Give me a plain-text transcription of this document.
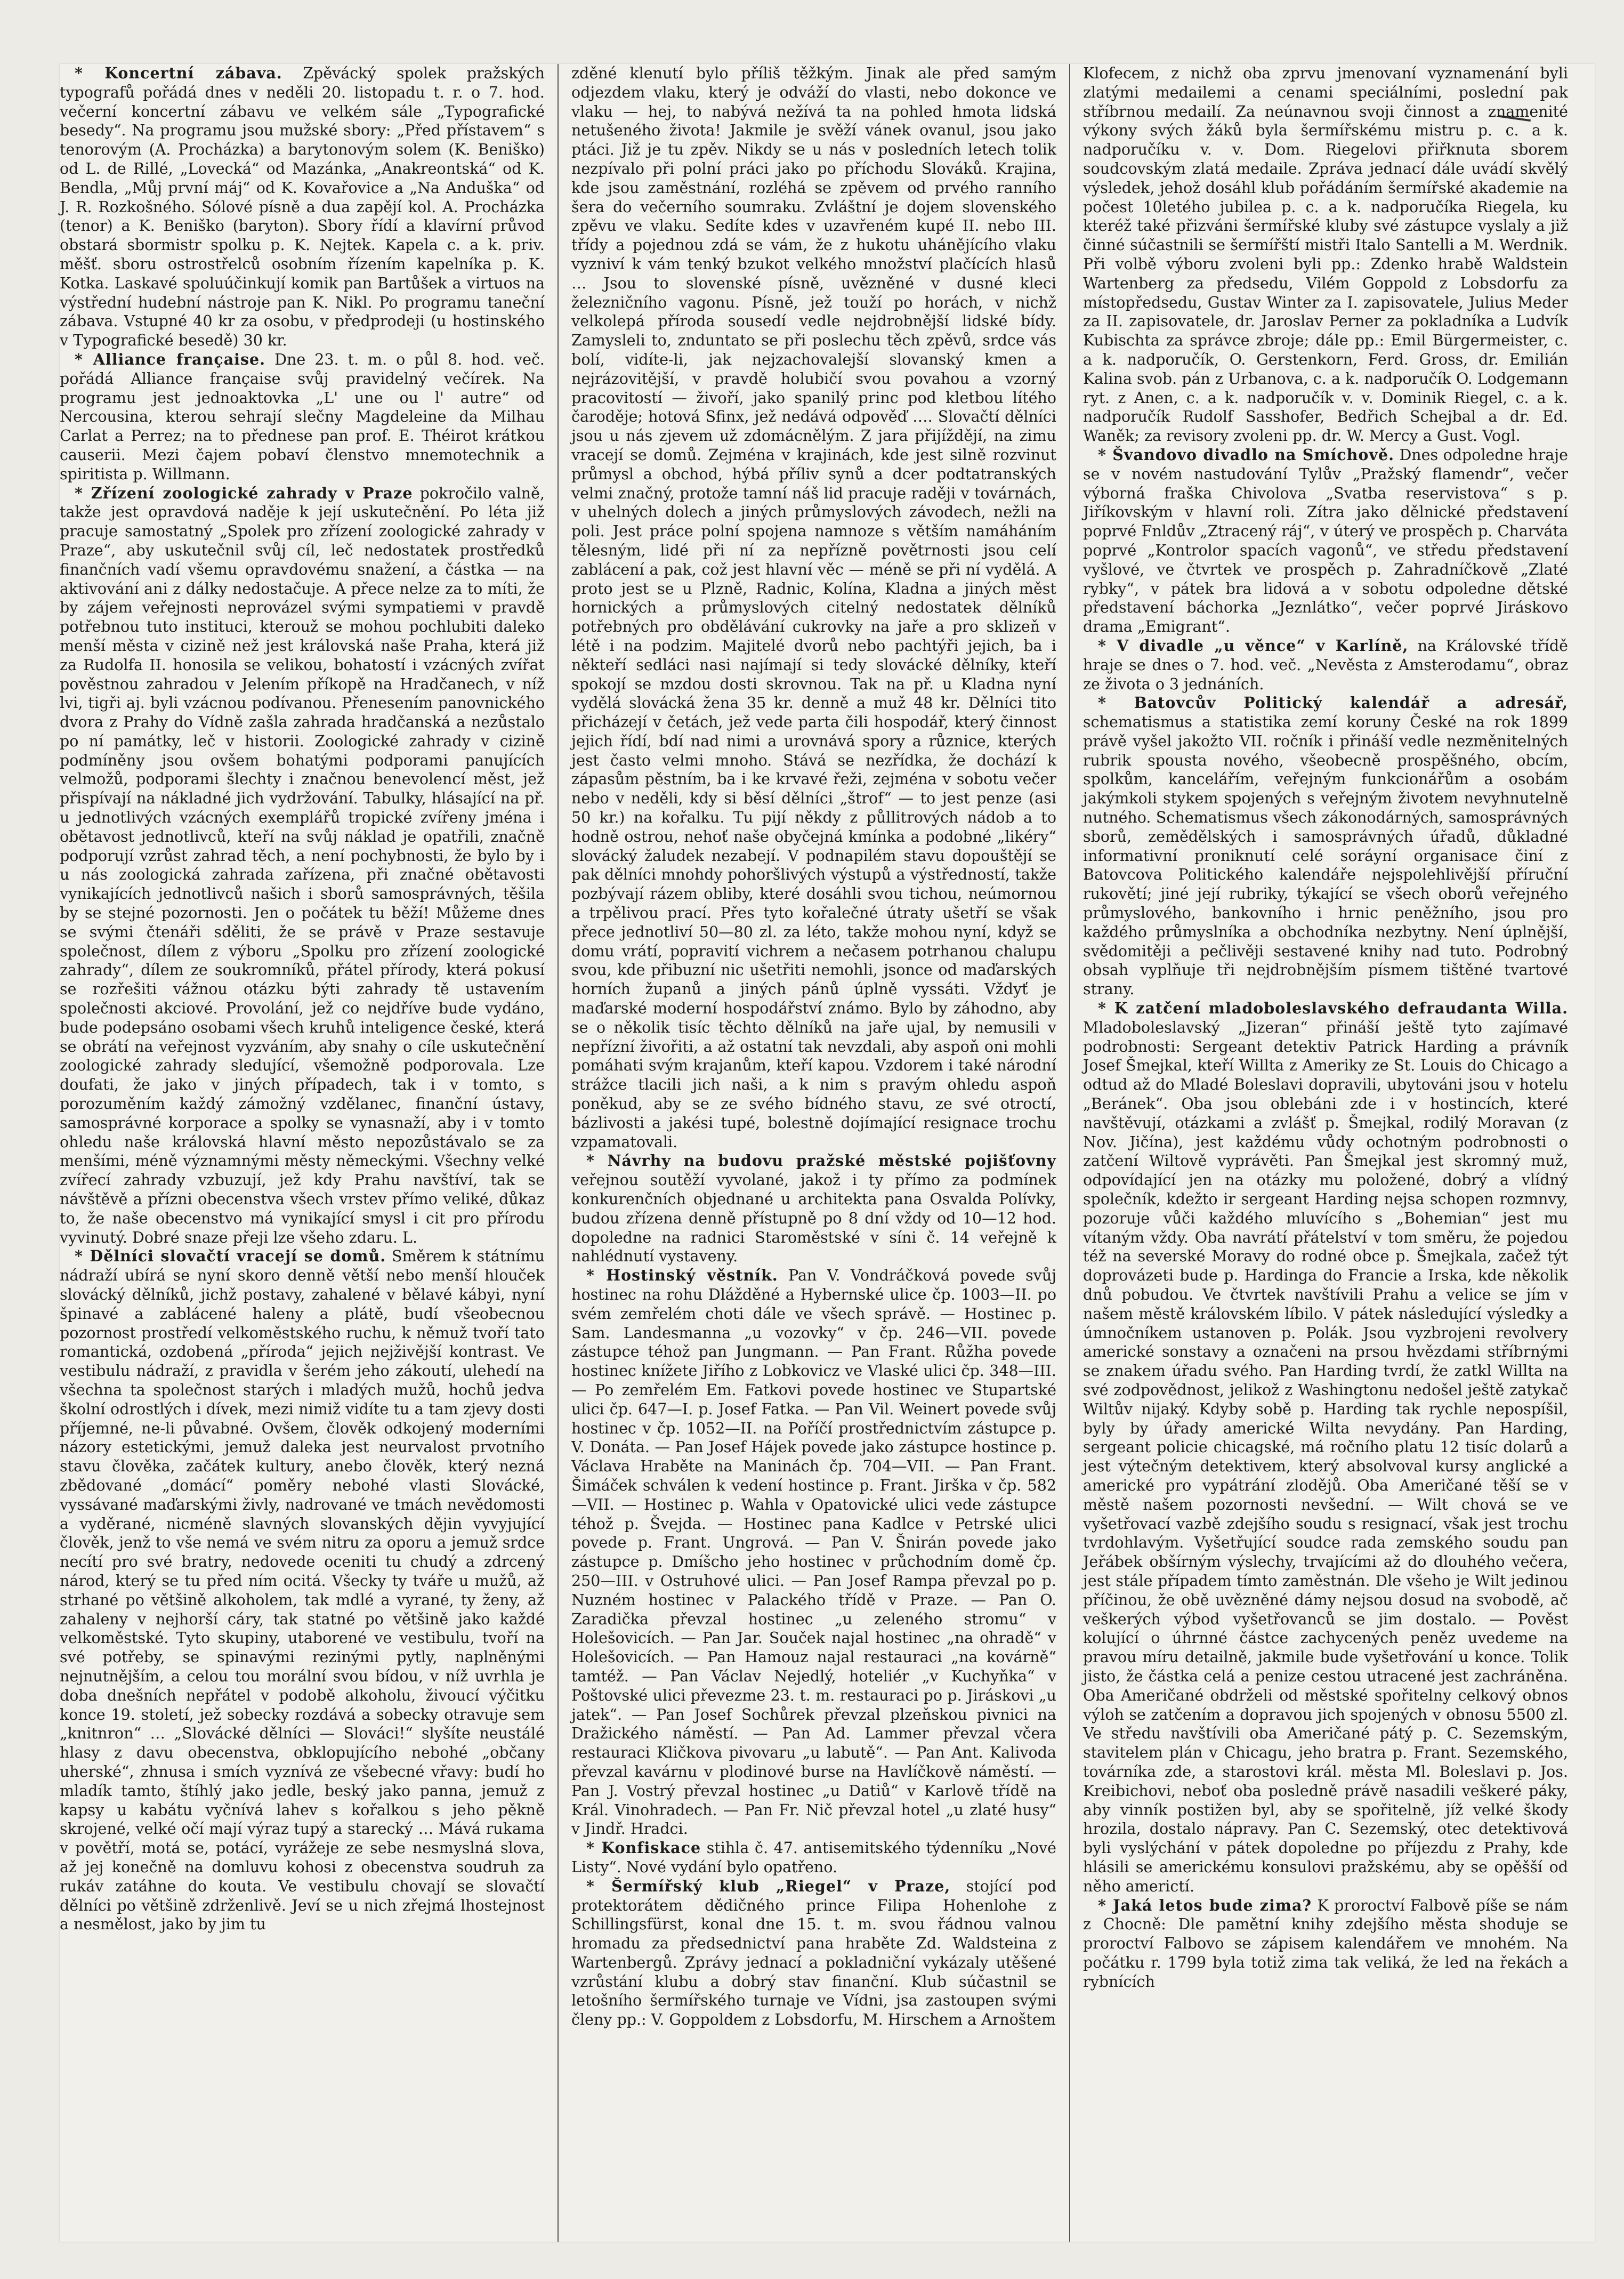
* Koncertní zábava. Zpěvácký spolek pražských typografů pořádá dnes v neděli 20. listopadu t. r. o 7. hod. večerní koncertní zábavu ve velkém sále „Typografické besedy“. Na programu jsou mužské sbory: „Před přístavem“ s tenorovým (A. Procházka) a barytonovým solem (K. Beniško) od L. de Rillé, „Lovecká“ od Mazánka, „Anakreontská“ od K. Bendla, „Můj první máj“ od K. Kovařovice a „Na Anduška“ od J. R. Rozkošného. Sólové písně a dua zapějí kol. A. Procházka (tenor) a K. Beniško (baryton). Sbory řídí a klavírní průvod obstará sbormistr spolku p. K. Nejtek. Kapela c. a k. priv. měšť. sboru ostrostřelců osobním řízením kapelníka p. K. Kotka. Laskavé spoluúčinkují komik pan Bartůšek a virtuos na výstřední hudební nástroje pan K. Nikl. Po programu taneční zábava. Vstupné 40 kr za osobu, v předprodeji (u hostinského v Typografické besedě) 30 kr.

* Alliance française. Dne 23. t. m. o půl 8. hod. več. pořádá Alliance française svůj pravidelný večírek. Na programu jest jednoaktovka „L' une ou l' autre“ od Nercousina, kterou sehrají slečny Magdeleine da Milhau Carlat a Perrez; na to přednese pan prof. E. Théirot krátkou causerii. Mezi čajem pobaví členstvo mnemotechnik a spiritista p. Willmann.

* Zřízení zoologické zahrady v Praze pokročilo valně, takže jest opravdová naděje k její uskutečnění. Po léta již pracuje samostatný „Spolek pro zřízení zoologické zahrady v Praze“, aby uskutečnil svůj cíl, leč nedostatek prostředků finančních vadí všemu opravdovému snažení, a částka — na aktivování ani z dálky nedostačuje. A přece nelze za to míti, že by zájem veřejnosti neprovázel svými sympatiemi v pravdě potřebnou tuto instituci, kterouž se mohou pochlubiti daleko menší města v cizině než jest královská naše Praha, která již za Rudolfa II. honosila se velikou, bohatostí i vzácných zvířat pověstnou zahradou v Jelením příkopě na Hradčanech, v níž lvi, tigři aj. byli vzácnou podívanou. Přenesením panovnického dvora z Prahy do Vídně zašla zahrada hradčanská a nezůstalo po ní památky, leč v historii. Zoologické zahrady v cizině podmíněny jsou ovšem bohatými podporami panujících velmožů, podporami šlechty i značnou benevolencí měst, jež přispívají na nákladné jich vydržování. Tabulky, hlásající na př. u jednotlivých vzácných exemplářů tropické zvířeny jména i obětavost jednotlivců, kteří na svůj náklad je opatřili, značně podporují vzrůst zahrad těch, a není pochybnosti, že bylo by i u nás zoologická zahrada zařízena, při značné obětavosti vynikajících jednotlivců našich i sborů samosprávných, těšila by se stejné pozornosti. Jen o počátek tu běží! Můžeme dnes se svými čtenáři sděliti, že se právě v Praze sestavuje společnost, dílem z výboru „Spolku pro zřízení zoologické zahrady“, dílem ze soukromníků, přátel přírody, která pokusí se rozřešiti vážnou otázku býti zahrady tě ustavením společnosti akciové. Provolání, jež co nejdříve bude vydáno, bude podepsáno osobami všech kruhů inteligence české, která se obrátí na veřejnost vyzváním, aby snahy o cíle uskutečnění zoologické zahrady sledující, všemožně podporovala. Lze doufati, že jako v jiných případech, tak i v tomto, s porozuměním každý zámožný vzdělanec, finanční ústavy, samosprávné korporace a spolky se vynasnaží, aby i v tomto ohledu naše královská hlavní město nepozůstávalo se za menšími, méně významnými městy německými. Všechny velké zvířecí zahrady vzbuzují, jež kdy Prahu navštíví, tak se návštěvě a přízni obecenstva všech vrstev přímo veliké, důkaz to, že naše obecenstvo má vynikající smysl i cit pro přírodu vyvinutý. Dobré snaze přeji lze všeho zdaru. L.

* Dělníci slovačtí vracejí se domů. Směrem k státnímu nádraží ubírá se nyní skoro denně větší nebo menší hlouček slovácký dělníků, jichž postavy, zahalené v bělavé kábyi, nyní špinavé a zablácené haleny a plátě, budí všeobecnou pozornost prostředí velkoměstského ruchu, k němuž tvoří tato romantická, ozdobená „příroda“ jejich nejživější kontrast. Ve vestibulu nádraží, z pravidla v šerém jeho zákoutí, ulehedí na všechna ta společnost starých i mladých mužů, hochů jedva školní odrostlých i dívek, mezi nimiž vidíte tu a tam zjevy dosti příjemné, ne-li půvabné. Ovšem, člověk odkojený moderními názory estetickými, jemuž daleka jest neurvalost prvotního stavu člověka, začátek kultury, anebo člověk, který nezná zbědované „domácí“ poměry nebohé vlasti Slovácké, vyssávané maďarskými živly, nadrované ve tmách nevědomosti a vyděrané, nicméně slavných slovanských dějin vyvyjující člověk, jenž to vše nemá ve svém nitru za oporu a jemuž srdce necítí pro své bratry, nedovede oceniti tu chudý a zdrcený národ, který se tu před ním ocitá. Všecky ty tváře u mužů, až strhané po většině alkoholem, tak mdlé a vyrané, ty ženy, až zahaleny v nejhorší cáry, tak statné po většině jako každé velkoměstské. Tyto skupiny, utaborené ve vestibulu, tvoří na své potřeby, se spinavými rezinými pytly, naplněnými nejnutnějším, a celou tou morální svou bídou, v níž uvrhla je doba dnešních nepřátel v podobě alkoholu, živoucí výčitku konce 19. století, jež sobecky rozdává a sobecky otravuje sem „knitnron“ … „Slovácké dělníci — Slováci!“ slyšíte neustálé hlasy z davu obecenstva, obklopujícího nebohé „občany uherské“, zhnusa i smích vyznívá ze všebecné vřavy: budí ho mladík tamto, štíhlý jako jedle, beský jako panna, jemuž z kapsy u kabátu vyčnívá lahev s kořalkou s jeho pěkně skrojené, velké očí mají výraz tupý a starecký … Mává rukama v povětří, motá se, potácí, vyrážeje ze sebe nesmyslná slova, až jej konečně na domluvu kohosi z obecenstva soudruh za rukáv zatáhne do kouta. Ve vestibulu chovají se slovačtí dělníci po většině zdrženlivě. Jeví se u nich zřejmá lhostejnost a nesmělost, jako by jim tu

zděné klenutí bylo příliš těžkým. Jinak ale před samým odjezdem vlaku, který je odváží do vlasti, nebo dokonce ve vlaku — hej, to nabývá nežívá ta na pohled hmota lidská netušeného života! Jakmile je svěží vánek ovanul, jsou jako ptáci. Již je tu zpěv. Nikdy se u nás v posledních letech tolik nezpívalo při polní práci jako po příchodu Slováků. Krajina, kde jsou zaměstnání, rozléhá se zpěvem od prvého ranního šera do večerního soumraku. Zvláštní je dojem slovenského zpěvu ve vlaku. Sedíte kdes v uzavřeném kupé II. nebo III. třídy a pojednou zdá se vám, že z hukotu uhánějícího vlaku vyzniví k vám tenký bzukot velkého množství plačících hlasů … Jsou to slovenské písně, uvězněné v dusné kleci železničního vagonu. Písně, jež touží po horách, v nichž velkolepá příroda sousedí vedle nejdrobnější lidské bídy. Zamysleli to, znduntato se při poslechu těch zpěvů, srdce vás bolí, vidíte-li, jak nejzachovalejší slovanský kmen a nejrázovitější, v pravdě holubičí svou povahou a vzorný pracovitostí — živoří, jako spanilý princ pod kletbou lítého čaroděje; hotová Sfinx, jež nedává odpověď …. Slovačtí dělníci jsou u nás zjevem už zdomácnělým. Z jara přijíždějí, na zimu vracejí se domů. Zejména v krajinách, kde jest silně rozvinut průmysl a obchod, hýbá příliv synů a dcer podtatranských velmi značný, protože tamní náš lid pracuje raději v továrnách, v uhelných dolech a jiných průmyslových závodech, nežli na poli. Jest práce polní spojena namnoze s větším namáháním tělesným, lidé při ní za nepřízně povětrnosti jsou celí zablácení a pak, což jest hlavní věc — méně se při ní vydělá. A proto jest se u Plzně, Radnic, Kolína, Kladna a jiných měst hornických a průmyslových citelný nedostatek dělníků potřebných pro obdělávání cukrovky na jaře a pro sklizeň v létě i na podzim. Majitelé dvorů nebo pachtýři jejich, ba i někteří sedláci nasi najímají si tedy slovácké dělníky, kteří spokojí se mzdou dosti skrovnou. Tak na př. u Kladna nyní vydělá slovácká žena 35 kr. denně a muž 48 kr. Dělníci tito přicházejí v četách, jež vede parta čili hospodář, který činnost jejich řídí, bdí nad nimi a urovnává spory a různice, kterých jest často velmi mnoho. Stává se nezřídka, že dochází k zápasům pěstním, ba i ke krvavé řeži, zejména v sobotu večer nebo v neděli, kdy si běsí dělníci „štrof“ — to jest penze (asi 50 kr.) na kořalku. Tu pijí někdy z půllitrových nádob a to hodně ostrou, nehoť naše obyčejná kmínka a podobné „likéry“ slovácký žaludek nezabejí. V podnapilém stavu dopouštějí se pak dělníci mnohdy pohoršlivých výstupů a výstředností, takže pozbývají rázem obliby, které dosáhli svou tichou, neúmornou a trpělivou prací. Přes tyto kořalečné útraty ušetří se však přece jednotliví 50—80 zl. za léto, takže mohou nyní, když se domu vrátí, popravití vichrem a nečasem potrhanou chalupu svou, kde přibuzní nic ušetřiti nemohli, jsonce od maďarských horních županů a jiných pánů úplně vyssáti. Vždyť je maďarské moderní hospodářství známo. Bylo by záhodno, aby se o několik tisíc těchto dělníků na jaře ujal, by nemusili v nepřízní živořiti, a až ostatní tak nevzdali, aby aspoň oni mohli pomáhati svým krajanům, kteří kapou. Vzdorem i také národní strážce tlacili jich naši, a k nim s pravým ohledu aspoň poněkud, aby se ze svého bídného stavu, ze své otroctí, bázlivosti a jakési tupé, bolestně dojímající resignace trochu vzpamatovali.

* Návrhy na budovu pražské městské pojišťovny veřejnou soutěží vyvolané, jakož i ty přímo za podmínek konkurenčních objednané u architekta pana Osvalda Polívky, budou zřízena denně přístupně po 8 dní vždy od 10—12 hod. dopoledne na radnici Staroměstské v síni č. 14 veřejně k nahlédnutí vystaveny.

* Hostinský věstník. Pan V. Vondráčková povede svůj hostinec na rohu Dlážděné a Hybernské ulice čp. 1003—II. po svém zemřelém choti dále ve všech správě. — Hostinec p. Sam. Landesmanna „u vozovky“ v čp. 246—VII. povede zástupce téhož pan Jungmann. — Pan Frant. Růžha povede hostinec knížete Jiřího z Lobkovicz ve Vlaské ulici čp. 348—III. — Po zemřelém Em. Fatkovi povede hostinec ve Stupartské ulici čp. 647—I. p. Josef Fatka. — Pan Vil. Weinert povede svůj hostinec v čp. 1052—II. na Poříčí prostřednictvím zástupce p. V. Donáta. — Pan Josef Hájek povede jako zástupce hostince p. Václava Hraběte na Maninách čp. 704—VII. — Pan Frant. Šimáček schválen k vedení hostince p. Frant. Jirška v čp. 582—VII. — Hostinec p. Wahla v Opatovické ulici vede zástupce téhož p. Švejda. — Hostinec pana Kadlce v Petrské ulici povede p. Frant. Ungrová. — Pan V. Šnirán povede jako zástupce p. Dmíšcho jeho hostinec v průchodním domě čp. 250—III. v Ostruhové ulici. — Pan Josef Rampa převzal po p. Nuzném hostinec v Palackého třídě v Praze. — Pan O. Zaradička převzal hostinec „u zeleného stromu“ v Holešovicích. — Pan Jar. Souček najal hostinec „na ohradě“ v Holešovicích. — Pan Hamouz najal restauraci „na kovárně“ tamtéž. — Pan Václav Nejedlý, hoteliér „v Kuchyňka“ v Poštovské ulici převezme 23. t. m. restauraci po p. Jiráskovi „u jatek“. — Pan Josef Sochůrek převzal plzeňskou pivnici na Dražického náměstí. — Pan Ad. Lammer převzal včera restauraci Kličkova pivovaru „u labutě“. — Pan Ant. Kalivoda převzal kavárnu v plodinové burse na Havlíčkově náměstí. — Pan J. Vostrý převzal hostinec „u Datiů“ v Karlově třídě na Král. Vinohradech. — Pan Fr. Nič převzal hotel „u zlaté husy“ v Jindř. Hradci.

* Konfiskace stihla č. 47. antisemitského týdenníku „Nové Listy“. Nové vydání bylo opatřeno.

* Šermířský klub „Riegel“ v Praze, stojící pod protektorátem dědičného prince Filipa Hohenlohe z Schillingsfürst, konal dne 15. t. m. svou řádnou valnou hromadu za předsednictví pana hraběte Zd. Waldsteina z Wartenbergů. Zprávy jednací a pokladniční vykázaly utěšené vzrůstání klubu a dobrý stav finanční. Klub súčastnil se letošního šermířského turnaje ve Vídni, jsa zastoupen svými členy pp.: V. Goppoldem z Lobsdorfu, M. Hirschem a Arnoštem

Klofecem, z nichž oba zprvu jmenovaní vyznamenání byli zlatými medailemi a cenami speciálními, poslední pak stříbrnou medailí. Za neúnavnou svoji činnost a znamenité výkony svých žáků byla šermířskému mistru p. c. a k. nadporučíku v. v. Dom. Riegelovi přiřknuta sborem soudcovským zlatá medaile. Zpráva jednací dále uvádí skvělý výsledek, jehož dosáhl klub pořádáním šermířské akademie na počest 10letého jubilea p. c. a k. nadporučíka Riegela, ku kteréž také přizváni šermířské kluby své zástupce vyslaly a již činné súčastnili se šermířští mistři Italo Santelli a M. Werdnik. Při volbě výboru zvoleni byli pp.: Zdenko hrabě Waldstein Wartenberg za předsedu, Vilém Goppold z Lobsdorfu za místopředsedu, Gustav Winter za I. zapisovatele, Julius Meder za II. zapisovatele, dr. Jaroslav Perner za pokladníka a Ludvík Kubischta za správce zbroje; dále pp.: Emil Bürgermeister, c. a k. nadporučík, O. Gerstenkorn, Ferd. Gross, dr. Emilián Kalina svob. pán z Urbanova, c. a k. nadporučík O. Lodgemann ryt. z Anen, c. a k. nadporučík v. v. Dominik Riegel, c. a k. nadporučík Rudolf Sasshofer, Bedřich Schejbal a dr. Ed. Waněk; za revisory zvoleni pp. dr. W. Mercy a Gust. Vogl.

* Švandovo divadlo na Smíchově. Dnes odpoledne hraje se v novém nastudování Tylův „Pražský flamendr“, večer výborná fraška Chivolova „Svatba reservistova“ s p. Jiříkovským v hlavní roli. Zítra jako dělnické představení poprvé Fnldův „Ztracený ráj“, v úterý ve prospěch p. Charváta poprvé „Kontrolor spacích vagonů“, ve středu představení vyšlové, ve čtvrtek ve prospěch p. Zahradníčkově „Zlaté rybky“, v pátek bra lidová a v sobotu odpoledne dětské představení báchorka „Jeznlátko“, večer poprvé Jiráskovo drama „Emigrant“.

* V divadle „u věnce“ v Karlíně, na Královské třídě hraje se dnes o 7. hod. več. „Nevěsta z Amsterodamu“, obraz ze života o 3 jednáních.

* Batovcův Politický kalendář a adresář, schematismus a statistika zemí koruny České na rok 1899 právě vyšel jakožto VII. ročník i přináší vedle nezměnitelných rubrik spousta nového, všeobecně prospěšného, obcím, spolkům, kancelářím, veřejným funkcionářům a osobám jakýmkoli stykem spojených s veřejným životem nevyhnutelně nutného. Schematismus všech zákonodárných, samosprávných sborů, zemědělských i samosprávných úřadů, důkladné informativní proniknutí celé soráyní organisace činí z Batovcova Politického kalendáře nejspolehlivější příruční rukovětí; jiné její rubriky, týkající se všech oborů veřejného průmyslového, bankovního i hrnic peněžního, jsou pro každého průmyslníka a obchodníka nezbytny. Není úplnější, svědomitěji a pečlivěji sestavené knihy nad tuto. Podrobný obsah vyplňuje tři nejdrobnějším písmem tištěné tvartové strany.

* K zatčení mladoboleslavského defraudanta Willa. Mladoboleslavský „Jizeran“ přináší ještě tyto zajímavé podrobnosti: Sergeant detektiv Patrick Harding a právník Josef Šmejkal, kteří Willta z Ameriky ze St. Louis do Chicago a odtud až do Mladé Boleslavi dopravili, ubytováni jsou v hotelu „Beránek“. Oba jsou oblebáni zde i v hostincích, které navštěvují, otázkami a zvlášť p. Šmejkal, rodilý Moravan (z Nov. Jičína), jest každému vůdy ochotným podrobnosti o zatčení Wiltově vyprávěti. Pan Šmejkal jest skromný muž, odpovídající jen na otázky mu položené, dobrý a vlídný společník, kdežto ir sergeant Harding nejsa schopen rozmnvy, pozoruje vůči každého mluvícího s „Bohemian“ jest mu vítaným vždy. Oba navrátí přátelství v tom směru, že pojedou též na severské Moravy do rodné obce p. Šmejkala, začež týt doprovázeti bude p. Hardinga do Francie a Irska, kde několik dnů pobudou. Ve čtvrtek navštívili Prahu a velice se jím v našem městě královském líbilo. V pátek následující výsledky a úmnočníkem ustanoven p. Polák. Jsou vyzbrojeni revolvery americké sonstavy a označeni na prsou hvězdami stříbrnými se znakem úřadu svého. Pan Harding tvrdí, že zatkl Willta na své zodpovědnost, jelikož z Washingtonu nedošel ještě zatykač Wiltův nijaký. Kdyby sobě p. Harding tak rychle nepospíšil, byly by úřady americké Wilta nevydány. Pan Harding, sergeant policie chicagské, má ročního platu 12 tisíc dolarů a jest výtečným detektivem, který absolvoval kursy anglické a americké pro vypátrání zlodějů. Oba Američané těší se v městě našem pozornosti nevšední. — Wilt chová se ve vyšetřovací vazbě zdejšího soudu s resignací, však jest trochu tvrdohlavým. Vyšetřující soudce rada zemského soudu pan Jeřábek obšírným výslechy, trvajícími až do dlouhého večera, jest stále případem tímto zaměstnán. Dle všeho je Wilt jedinou příčinou, že obě uvězněné dámy nejsou dosud na svobodě, ač veškerých výbod vyšetřovanců se jim dostalo. — Pověst kolující o úhrnné částce zachycených peněz uvedeme na pravou míru detailně, jakmile bude vyšetřování u konce. Tolik jisto, že částka celá a penize cestou utracené jest zachráněna. Oba Američané obdrželi od městské spořitelny celkový obnos výloh se zatčením a dopravou jich spojených v obnosu 5500 zl. Ve středu navštívili oba Američané pátý p. C. Sezemským, stavitelem plán v Chicagu, jeho bratra p. Frant. Sezemského, továrníka zde, a starostovi král. města Ml. Boleslavi p. Jos. Kreibichovi, neboť oba posledně právě nasadili veškeré páky, aby vinník postižen byl, aby se spořitelně, jíž velké škody hrozila, dostalo nápravy. Pan C. Sezemský, otec detektivová byli vyslýchání v pátek dopoledne po příjezdu z Prahy, kde hlásili se americkému konsulovi pražskému, aby se opěšší od něho americtí.

* Jaká letos bude zima? K proroctví Falbově píše se nám z Chocně: Dle pamětní knihy zdejšího města shoduje se proroctví Falbovo se zápisem kalendářem ve mnohém. Na počátku r. 1799 byla totiž zima tak veliká, že led na řekách a rybnících
